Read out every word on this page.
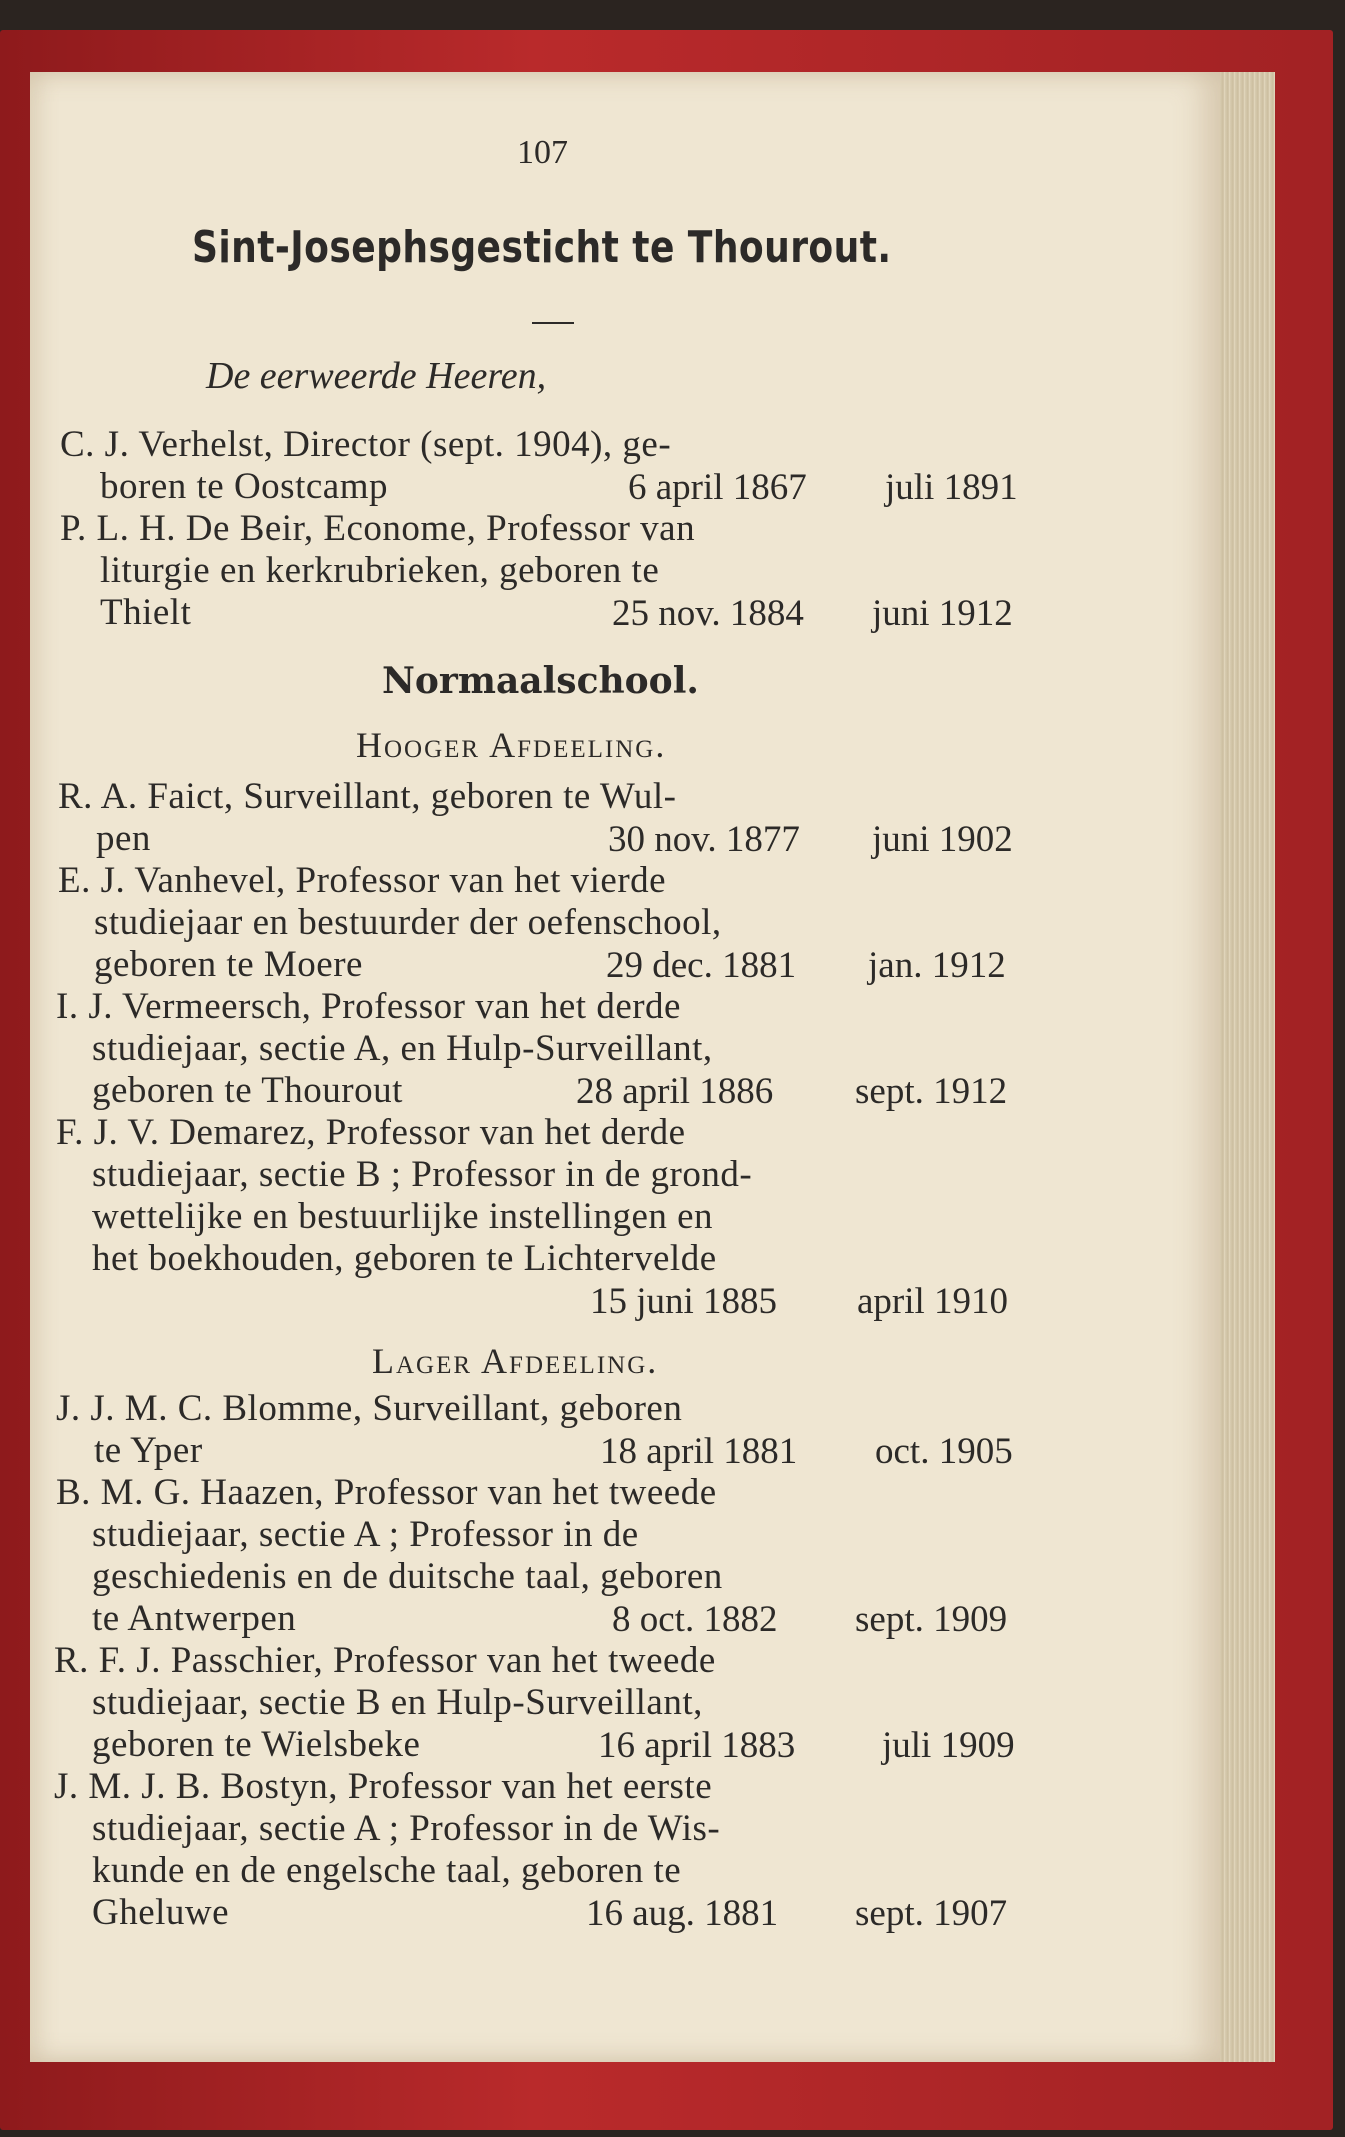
107
Sint-Josephsgesticht te Thourout.
De eerweerde Heeren,
C. J. Verhelst, Director (sept. 1904), ge-
boren te Oostcamp	6 april 1867 juli 1891
P. L. H. De Beir, Econome, Professor van
liturgie en kerkrubrieken, geboren te
Thielt	25 nov. 1884 juni 1912
Normaalschool.
Hooger Afdeeling.
R. A. Faict, Surveillant, geboren te Wul-
pen	30 nov. 1877 juni 1902
E. J. Vanhevel, Professor van het vierde
studiejaar en bestuurder der oefenschool,
geboren te Moere	29 dec. 1881 jan. 1912
I. J. Vermeersch, Professor van het derde
studiejaar, sectie A, en Hulp-Surveillant,
geboren te Thourout	28 april 1886 sept. 1912
F. J. V. Demarez, Professor van het derde
studiejaar, sectie B ; Professor in de grond-
wettelijke en bestuurlijke instellingen en
het boekhouden, geboren te Lichtervelde
15 juni 1885 april 1910
Lager Afdeeling.
J. J. M. C. Blomme, Surveillant, geboren
te Yper	18 april 1881 oct. 1905
B. M. G. Haazen, Professor van het tweede
studiejaar, sectie A ; Professor in de
geschiedenis en de duitsche taal, geboren
te Antwerpen	8 oct. 1882 sept. 1909
R. F. J. Passchier, Professor van het tweede
studiejaar, sectie B en Hulp-Surveillant,
geboren te Wielsbeke	16 april 1883 juli 1909
J. M. J. B. Bostyn, Professor van het eerste
studiejaar, sectie A ; Professor in de Wis-
kunde en de engelsche taal, geboren te
Gheluwe	16 aug. 1881 sept. 1907
